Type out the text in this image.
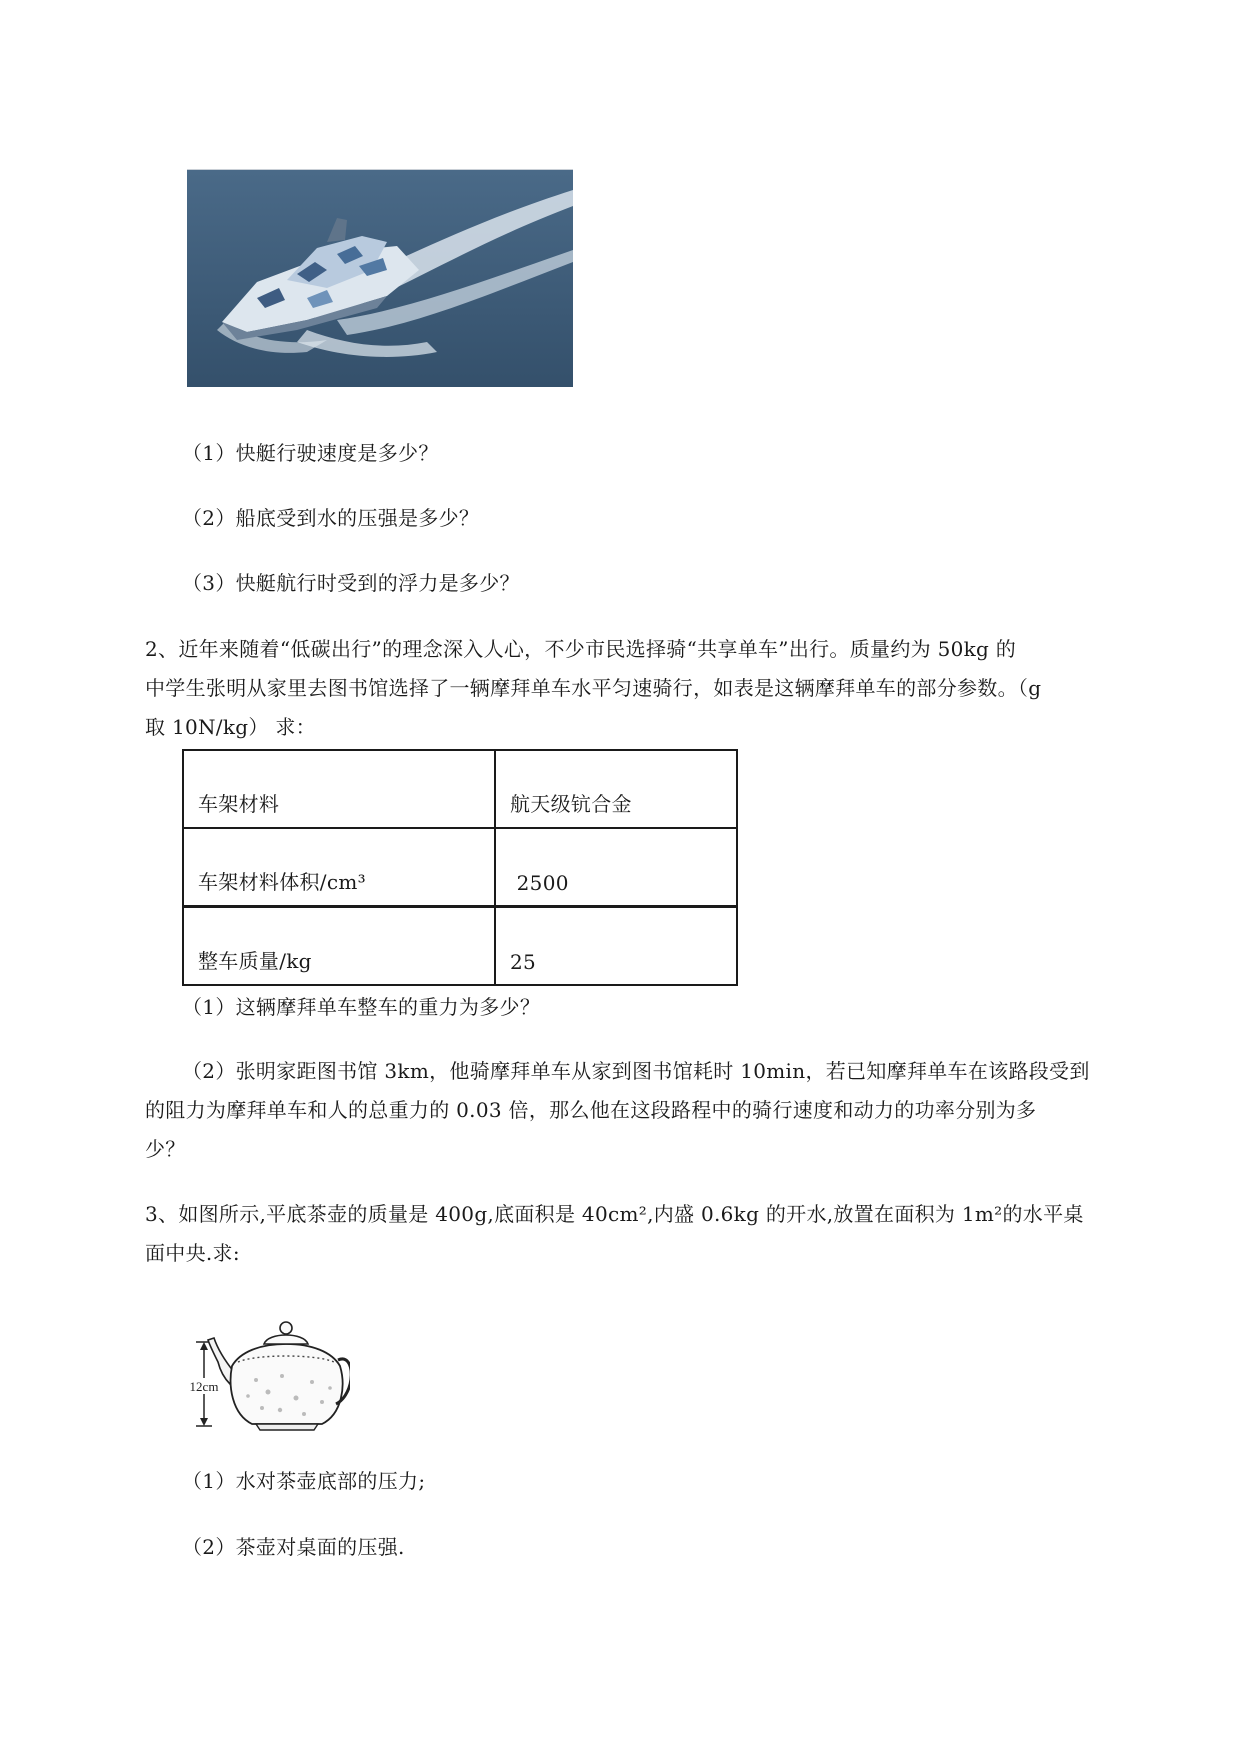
（1）快艇行驶速度是多少？
（2）船底受到水的压强是多少？
（3）快艇航行时受到的浮力是多少？
2、近年来随着“低碳出行”的理念深入人心，不少市民选择骑“共享单车”出行。质量约为 50kg 的
中学生张明从家里去图书馆选择了一辆摩拜单车水平匀速骑行，如表是这辆摩拜单车的部分参数。（g
取 10N/kg） 求：
车架材料	航天级钪合金
车架材料体积/cm³	2500
整车质量/kg	25
（1）这辆摩拜单车整车的重力为多少？
（2）张明家距图书馆 3km，他骑摩拜单车从家到图书馆耗时 10min，若已知摩拜单车在该路段受到
的阻力为摩拜单车和人的总重力的 0.03 倍，那么他在这段路程中的骑行速度和动力的功率分别为多
少？
3、如图所示,平底茶壶的质量是 400g,底面积是 40cm²,内盛 0.6kg 的开水,放置在面积为 1m²的水平桌
面中央.求:
12cm
（1）水对茶壶底部的压力;
（2）茶壶对桌面的压强.
